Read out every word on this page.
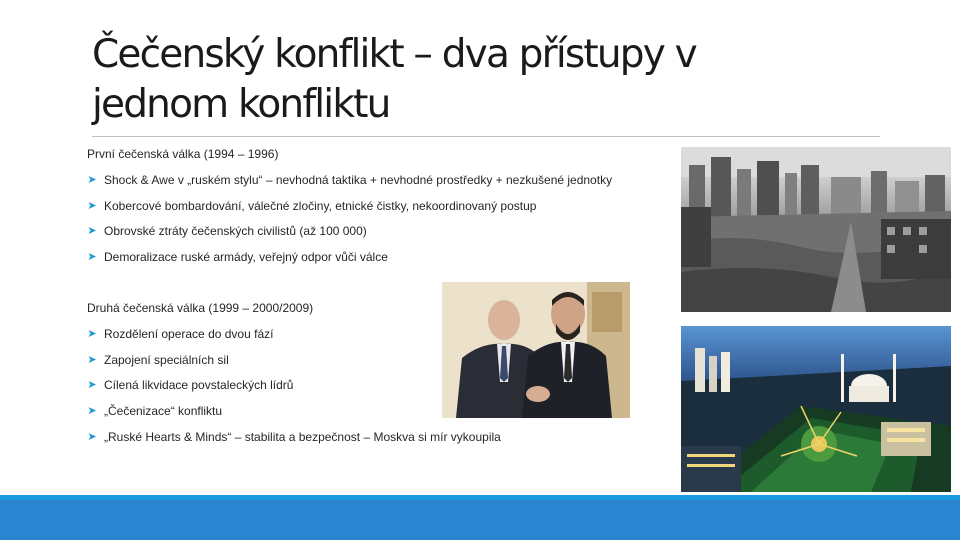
Čečenský konflikt – dva přístupy v
jednom konfliktu
První čečenská válka (1994 – 1996)
➤ Shock & Awe v „ruském stylu“ – nevhodná taktika + nevhodné prostředky + nezkušené jednotky
➤ Kobercové bombardování, válečné zločiny, etnické čistky, nekoordinovaný postup
➤ Obrovské ztráty čečenských civilistů (až 100 000)
➤ Demoralizace ruské armády, veřejný odpor vůči válce
Druhá čečenská válka (1999 – 2000/2009)
➤ Rozdělení operace do dvou fází
➤ Zapojení speciálních sil
➤ Cílená likvidace povstaleckých lídrů
➤ „Čečenizace“ konfliktu
➤ „Ruské Hearts & Minds“ – stabilita a bezpečnost – Moskva si mír vykoupila
